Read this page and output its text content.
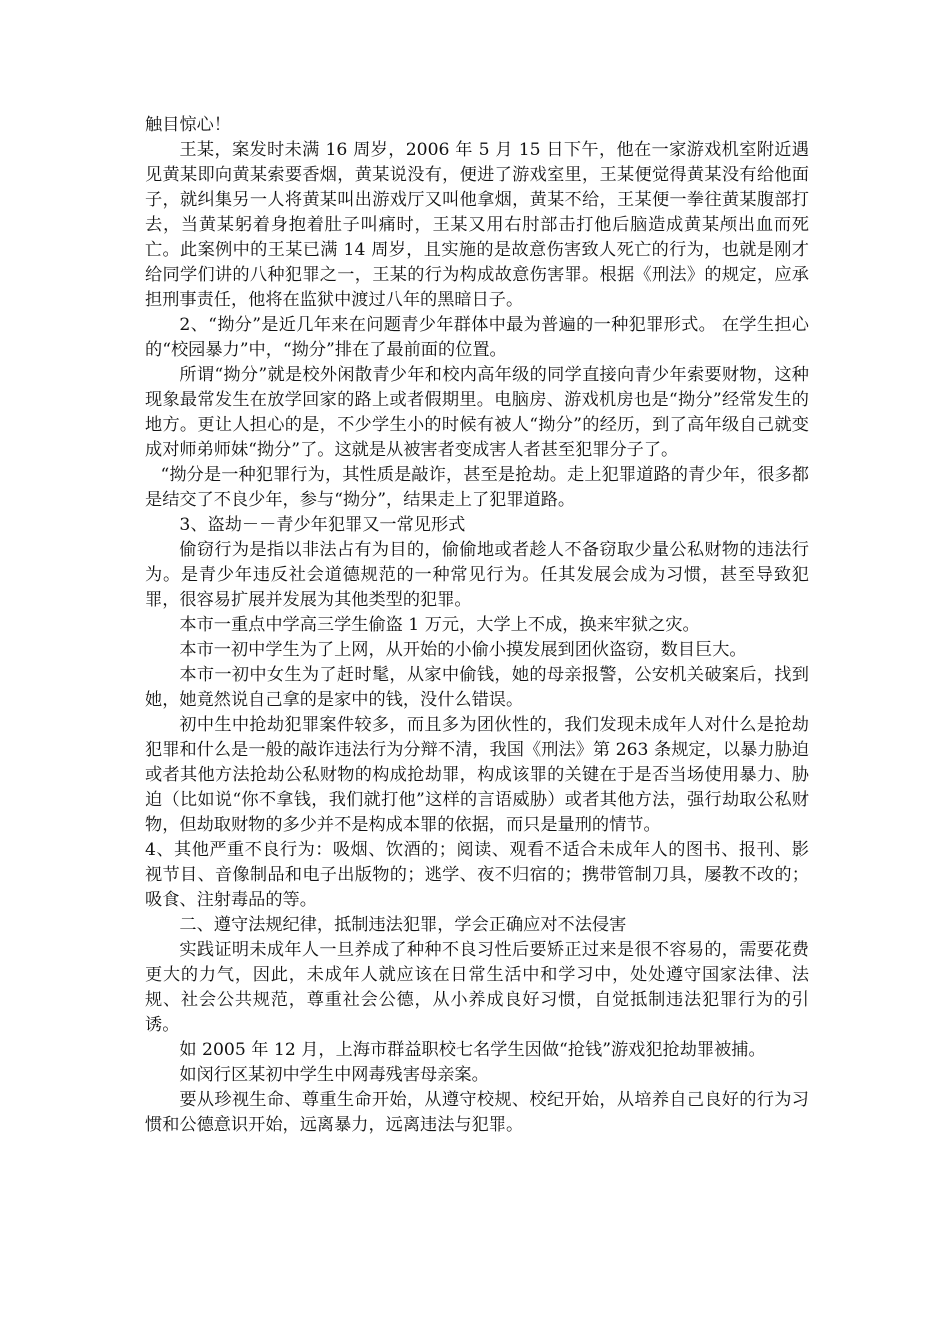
触目惊心！

王某，案发时未满 16 周岁，2006 年 5 月 15 日下午，他在一家游戏机室附近遇见黄某即向黄某索要香烟，黄某说没有，便进了游戏室里，王某便觉得黄某没有给他面子，就纠集另一人将黄某叫出游戏厅又叫他拿烟，黄某不给，王某便一拳往黄某腹部打去，当黄某躬着身抱着肚子叫痛时，王某又用右肘部击打他后脑造成黄某颅出血而死亡。此案例中的王某已满 14 周岁，且实施的是故意伤害致人死亡的行为，也就是刚才给同学们讲的八种犯罪之一，王某的行为构成故意伤害罪。根据《刑法》的规定，应承担刑事责任，他将在监狱中渡过八年的黑暗日子。

2、“拗分”是近几年来在问题青少年群体中最为普遍的一种犯罪形式。 在学生担心的“校园暴力”中，“拗分”排在了最前面的位置。

所谓“拗分”就是校外闲散青少年和校内高年级的同学直接向青少年索要财物，这种现象最常发生在放学回家的路上或者假期里。电脑房、游戏机房也是“拗分”经常发生的地方。更让人担心的是，不少学生小的时候有被人“拗分”的经历，到了高年级自己就变成对师弟师妹“拗分”了。这就是从被害者变成害人者甚至犯罪分子了。

“拗分是一种犯罪行为，其性质是敲诈，甚至是抢劫。走上犯罪道路的青少年，很多都是结交了不良少年，参与“拗分”，结果走上了犯罪道路。

3、盗劫－－青少年犯罪又一常见形式

偷窃行为是指以非法占有为目的，偷偷地或者趁人不备窃取少量公私财物的违法行为。是青少年违反社会道德规范的一种常见行为。任其发展会成为习惯，甚至导致犯罪，很容易扩展并发展为其他类型的犯罪。

本市一重点中学高三学生偷盗 1 万元，大学上不成，换来牢狱之灾。

本市一初中学生为了上网，从开始的小偷小摸发展到团伙盗窃，数目巨大。

本市一初中女生为了赶时髦，从家中偷钱，她的母亲报警，公安机关破案后，找到她，她竟然说自己拿的是家中的钱，没什么错误。

初中生中抢劫犯罪案件较多，而且多为团伙性的，我们发现未成年人对什么是抢劫犯罪和什么是一般的敲诈违法行为分辩不清，我国《刑法》第 263 条规定，以暴力胁迫或者其他方法抢劫公私财物的构成抢劫罪，构成该罪的关键在于是否当场使用暴力、胁迫（比如说“你不拿钱，我们就打他”这样的言语威胁）或者其他方法，强行劫取公私财物，但劫取财物的多少并不是构成本罪的依据，而只是量刑的情节。

4、其他严重不良行为：吸烟、饮酒的；阅读、观看不适合未成年人的图书、报刊、影视节目、音像制品和电子出版物的；逃学、夜不归宿的；携带管制刀具，屡教不改的；吸食、注射毒品的等。

二、遵守法规纪律，抵制违法犯罪，学会正确应对不法侵害

实践证明未成年人一旦养成了种种不良习性后要矫正过来是很不容易的，需要花费更大的力气，因此，未成年人就应该在日常生活中和学习中，处处遵守国家法律、法规、社会公共规范，尊重社会公德，从小养成良好习惯，自觉抵制违法犯罪行为的引诱。

如 2005 年 12 月，上海市群益职校七名学生因做“抢钱”游戏犯抢劫罪被捕。

如闵行区某初中学生中网毒残害母亲案。

要从珍视生命、尊重生命开始，从遵守校规、校纪开始，从培养自己良好的行为习惯和公德意识开始，远离暴力，远离违法与犯罪。
